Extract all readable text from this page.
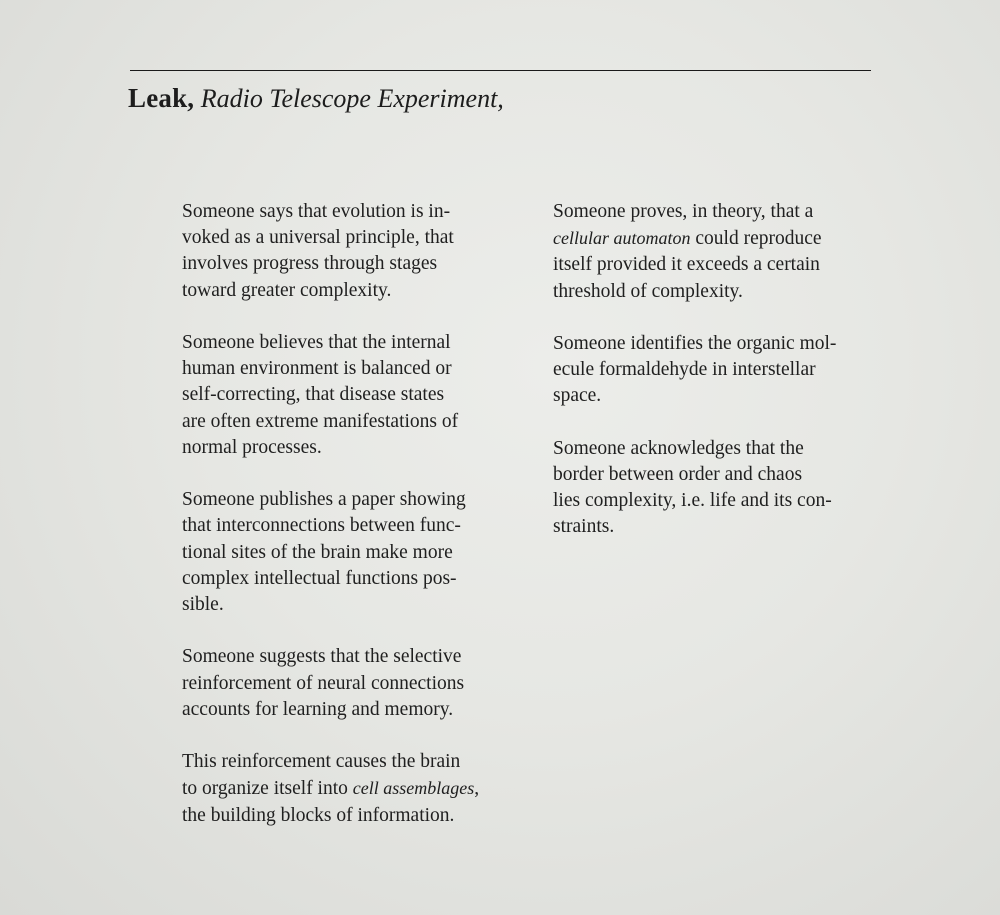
Leak, Radio Telescope Experiment,

Someone says that evolution is in-
voked as a universal principle, that
involves progress through stages
toward greater complexity.

Someone believes that the internal
human environment is balanced or
self-correcting, that disease states
are often extreme manifestations of
normal processes.

Someone publishes a paper showing
that interconnections between func-
tional sites of the brain make more
complex intellectual functions pos-
sible.

Someone suggests that the selective
reinforcement of neural connections
accounts for learning and memory.

This reinforcement causes the brain
to organize itself into cell assemblages,
the building blocks of information.

Someone proves, in theory, that a
cellular automaton could reproduce
itself provided it exceeds a certain
threshold of complexity.

Someone identifies the organic mol-
ecule formaldehyde in interstellar
space.

Someone acknowledges that the
border between order and chaos
lies complexity, i.e. life and its con-
straints.
